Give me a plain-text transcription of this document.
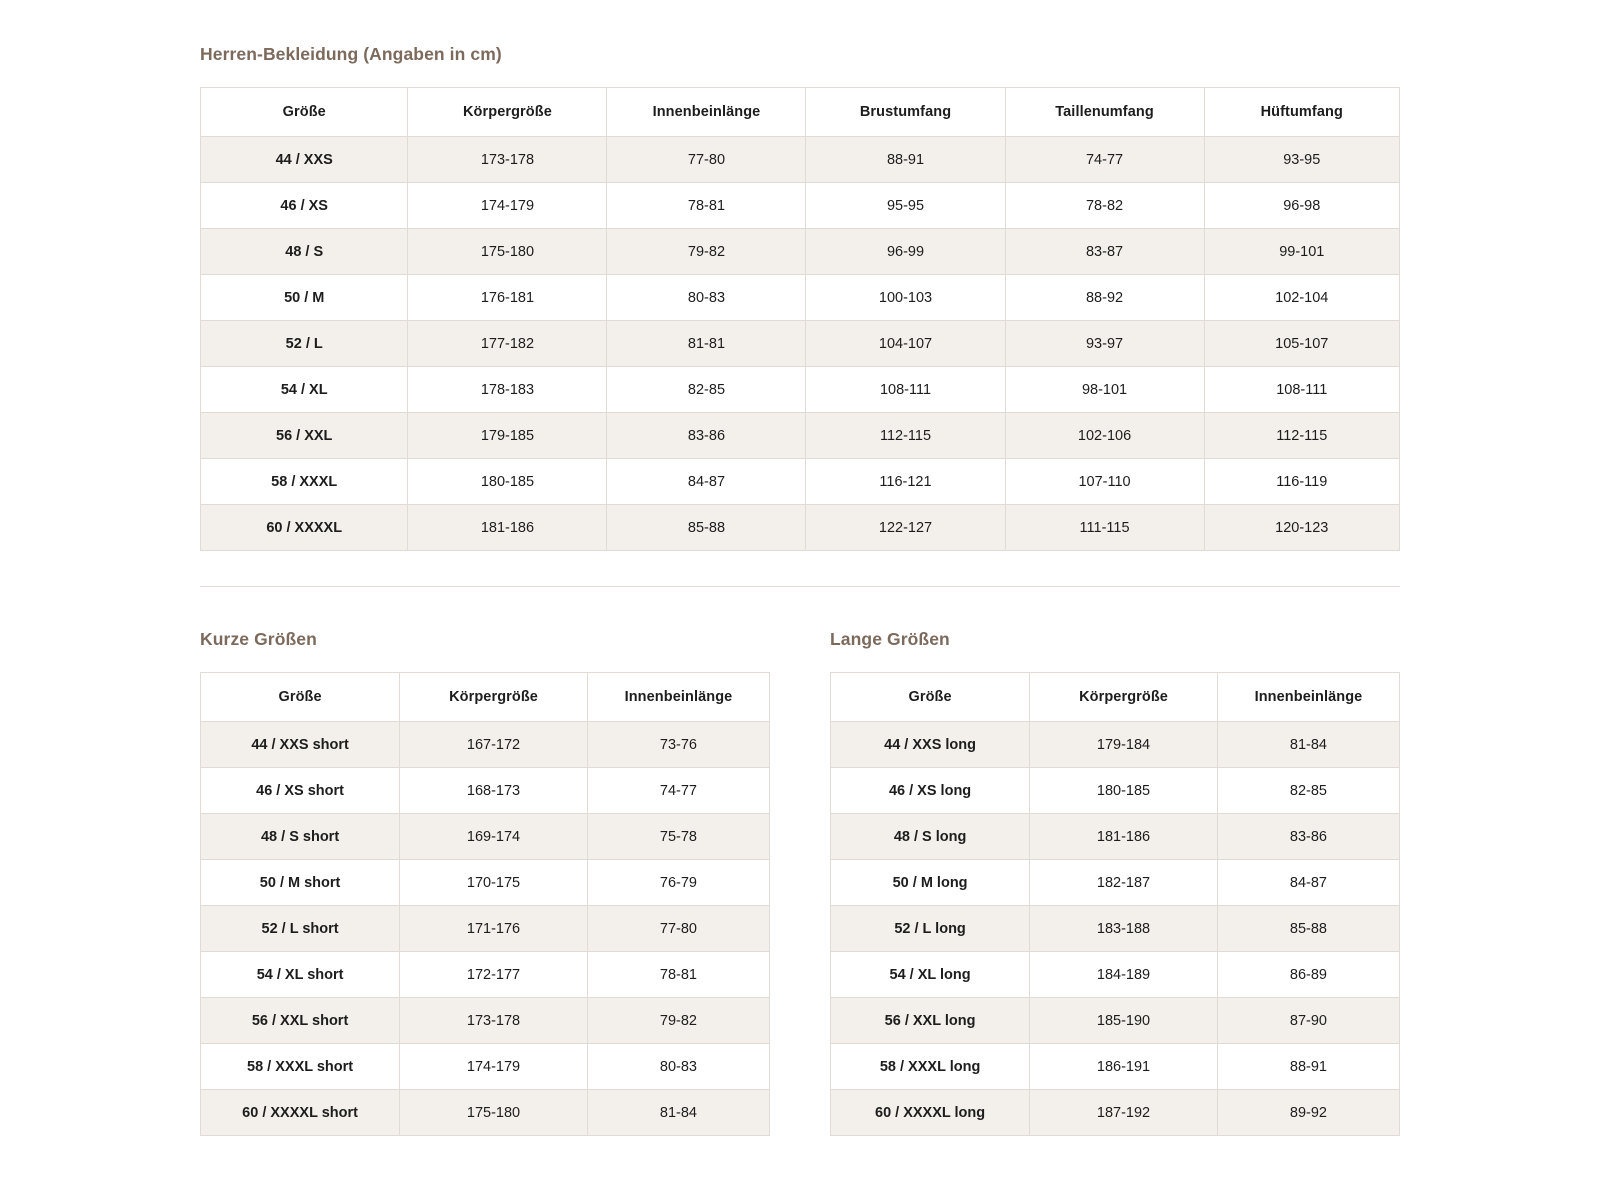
Herren-Bekleidung (Angaben in cm)
Größe	Körpergröße	Innenbeinlänge	Brustumfang	Taillenumfang	Hüftumfang
44 / XXS	173-178	77-80	88-91	74-77	93-95
46 / XS	174-179	78-81	95-95	78-82	96-98
48 / S	175-180	79-82	96-99	83-87	99-101
50 / M	176-181	80-83	100-103	88-92	102-104
52 / L	177-182	81-81	104-107	93-97	105-107
54 / XL	178-183	82-85	108-111	98-101	108-111
56 / XXL	179-185	83-86	112-115	102-106	112-115
58 / XXXL	180-185	84-87	116-121	107-110	116-119
60 / XXXXL	181-186	85-88	122-127	111-115	120-123
Kurze Größen
Größe	Körpergröße	Innenbeinlänge
44 / XXS short	167-172	73-76
46 / XS short	168-173	74-77
48 / S short	169-174	75-78
50 / M short	170-175	76-79
52 / L short	171-176	77-80
54 / XL short	172-177	78-81
56 / XXL short	173-178	79-82
58 / XXXL short	174-179	80-83
60 / XXXXL short	175-180	81-84
Lange Größen
Größe	Körpergröße	Innenbeinlänge
44 / XXS long	179-184	81-84
46 / XS long	180-185	82-85
48 / S long	181-186	83-86
50 / M long	182-187	84-87
52 / L long	183-188	85-88
54 / XL long	184-189	86-89
56 / XXL long	185-190	87-90
58 / XXXL long	186-191	88-91
60 / XXXXL long	187-192	89-92
